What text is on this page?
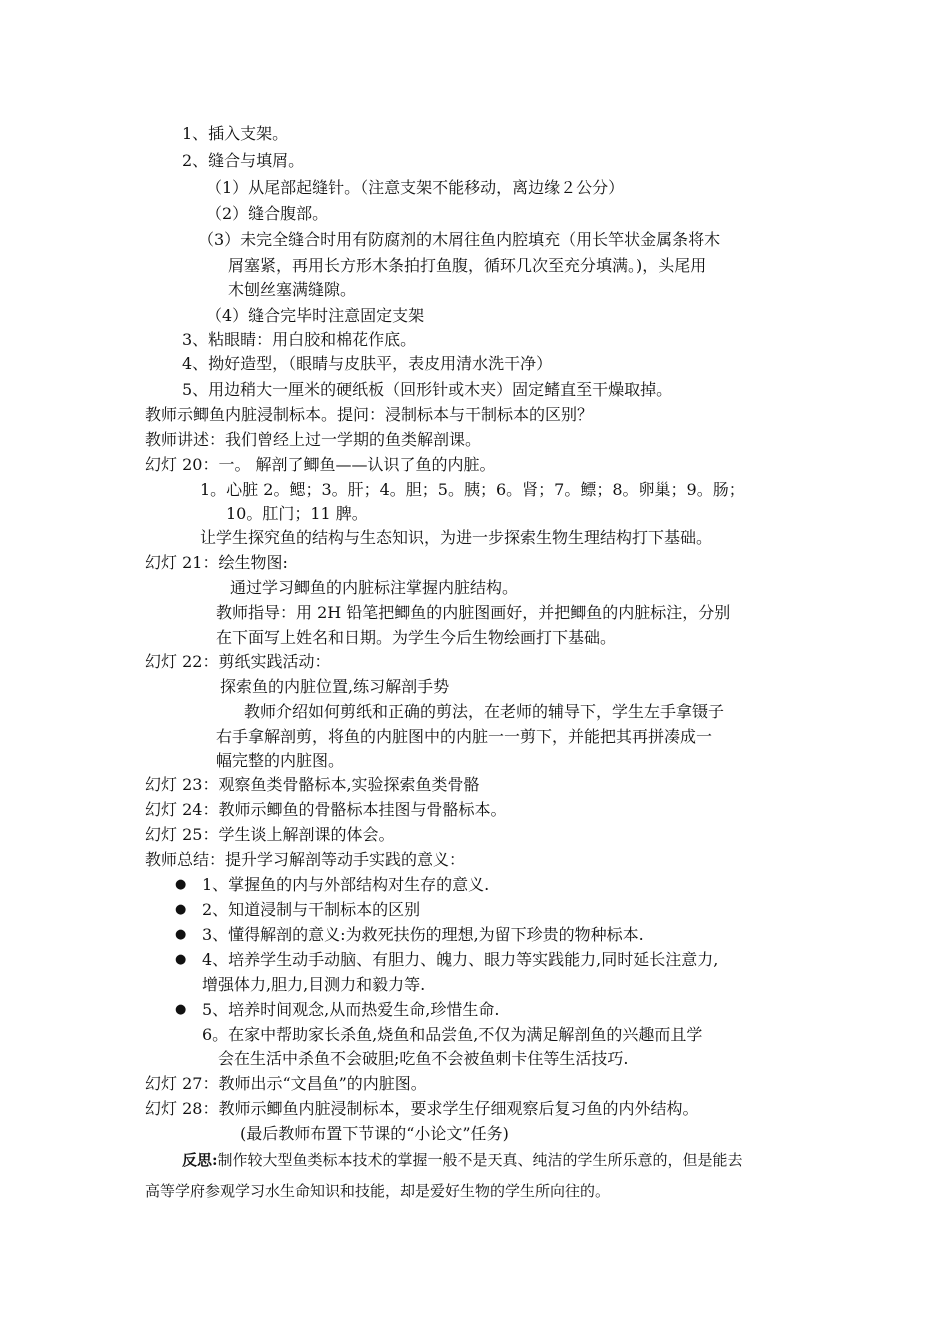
1、插入支架。
2、缝合与填屑。
（1）从尾部起缝针。（注意支架不能移动，离边缘２公分）
（2）缝合腹部。
（3）未完全缝合时用有防腐剂的木屑往鱼内腔填充（用长竿状金属条将木
屑塞紧，再用长方形木条拍打鱼腹，循环几次至充分填满。)，头尾用
木刨丝塞满缝隙。
（4）缝合完毕时注意固定支架
3、粘眼睛：用白胶和棉花作底。
4、拗好造型，（眼睛与皮肤平，表皮用清水洗干净）
5、用边稍大一厘米的硬纸板（回形针或木夹）固定鳍直至干燥取掉。
教师示鲫鱼内脏浸制标本。提问：浸制标本与干制标本的区别？
教师讲述：我们曾经上过一学期的鱼类解剖课。
幻灯 20：一。 解剖了鲫鱼——认识了鱼的内脏。
1。心脏 2。鳃；3。肝；4。胆；5。胰；6。肾；7。鳔；8。卵巢；9。肠；
10。肛门；11 脾。
让学生探究鱼的结构与生态知识，为进一步探索生物生理结构打下基础。
幻灯 21：绘生物图:
通过学习鲫鱼的内脏标注掌握内脏结构。
教师指导：用 2H 铅笔把鲫鱼的内脏图画好，并把鲫鱼的内脏标注，分别
在下面写上姓名和日期。为学生今后生物绘画打下基础。
幻灯 22：剪纸实践活动：
探索鱼的内脏位置,练习解剖手势
教师介绍如何剪纸和正确的剪法，在老师的辅导下，学生左手拿镊子
右手拿解剖剪，将鱼的内脏图中的内脏一一剪下，并能把其再拼凑成一
幅完整的内脏图。
幻灯 23：观察鱼类骨骼标本,实验探索鱼类骨骼
幻灯 24：教师示鲫鱼的骨骼标本挂图与骨骼标本。
幻灯 25：学生谈上解剖课的体会。
教师总结：提升学习解剖等动手实践的意义：
● 1、掌握鱼的内与外部结构对生存的意义.
● 2、知道浸制与干制标本的区别
● 3、懂得解剖的意义:为救死扶伤的理想,为留下珍贵的物种标本.
● 4、培养学生动手动脑、有胆力、魄力、眼力等实践能力,同时延长注意力,
增强体力,胆力,目测力和毅力等.
● 5、培养时间观念,从而热爱生命,珍惜生命.
6。在家中帮助家长杀鱼,烧鱼和品尝鱼,不仅为满足解剖鱼的兴趣而且学
会在生活中杀鱼不会破胆;吃鱼不会被鱼刺卡住等生活技巧.
幻灯 27：教师出示“文昌鱼”的内脏图。
幻灯 28：教师示鲫鱼内脏浸制标本，要求学生仔细观察后复习鱼的内外结构。
(最后教师布置下节课的“小论文”任务)
反思:制作较大型鱼类标本技术的掌握一般不是天真、纯洁的学生所乐意的，但是能去
高等学府参观学习水生命知识和技能，却是爱好生物的学生所向往的。
